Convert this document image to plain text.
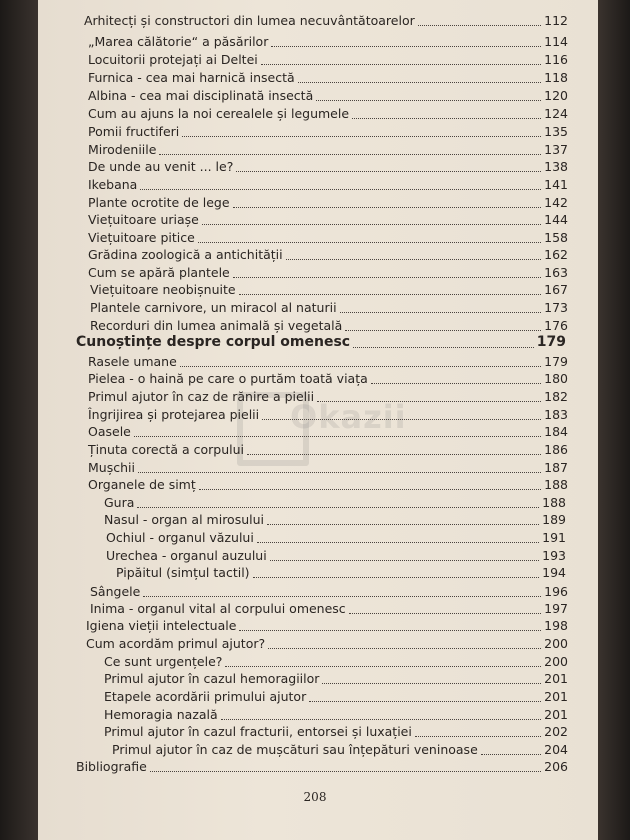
Okazii
Arhitecți și constructori din lumea necuvântătoarelor	112
„Marea călătorie“ a păsărilor	114
Locuitorii protejați ai Deltei	116
Furnica - cea mai harnică insectă	118
Albina - cea mai disciplinată insectă	120
Cum au ajuns la noi cerealele și legumele	124
Pomii fructiferi	135
Mirodeniile	137
De unde au venit ... le?	138
Ikebana	141
Plante ocrotite de lege	142
Viețuitoare uriașe	144
Viețuitoare pitice	158
Grădina zoologică a antichității	162
Cum se apără plantele	163
Viețuitoare neobișnuite	167
Plantele carnivore, un miracol al naturii	173
Recorduri din lumea animală și vegetală	176
Cunoștințe despre corpul omenesc	179
Rasele umane	179
Pielea - o haină pe care o purtăm toată viața	180
Primul ajutor în caz de rănire a pielii	182
Îngrijirea și protejarea pielii	183
Oasele	184
Ținuta corectă a corpului	186
Mușchii	187
Organele de simț	188
Gura	188
Nasul - organ al mirosului	189
Ochiul - organul văzului	191
Urechea - organul auzului	193
Pipăitul (simțul tactil)	194
Sângele	196
Inima - organul vital al corpului omenesc	197
Igiena vieții intelectuale	198
Cum acordăm primul ajutor?	200
Ce sunt urgențele?	200
Primul ajutor în cazul hemoragiilor	201
Etapele acordării primului ajutor	201
Hemoragia nazală	201
Primul ajutor în cazul fracturii, entorsei și luxației	202
Primul ajutor în caz de mușcături sau înțepături veninoase	204
Bibliografie	206
208
